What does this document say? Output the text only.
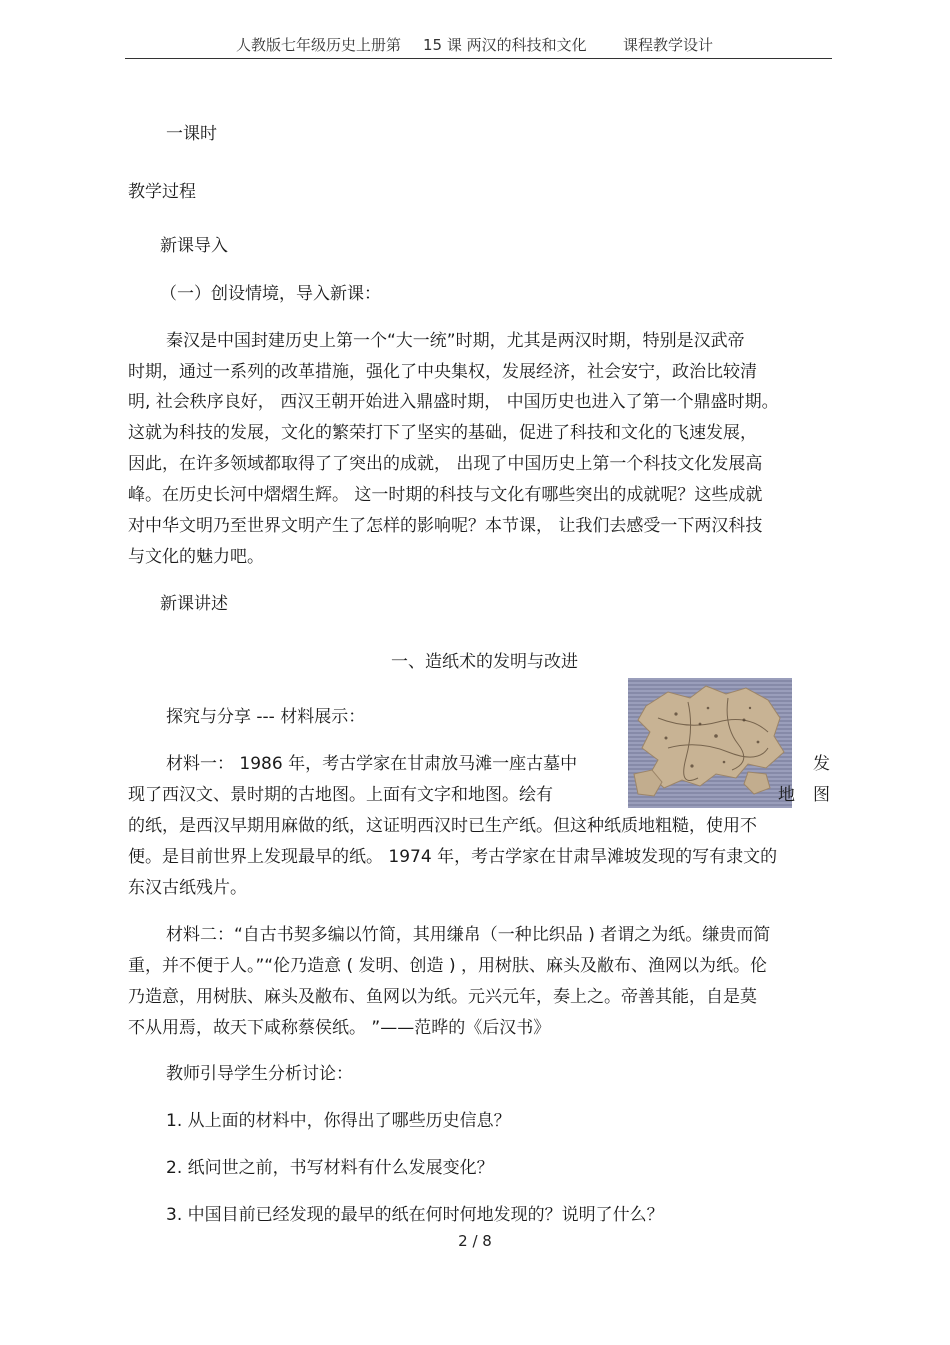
人教版七年级历史上册第 15 课 两汉的科技和文化 课程教学设计
一课时
教学过程
新课导入
（一）创设情境，导入新课：
秦汉是中国封建历史上第一个“大一统”时期，尤其是两汉时期，特别是汉武帝
时期，通过一系列的改革措施，强化了中央集权，发展经济，社会安宁，政治比较清
明, 社会秩序良好， 西汉王朝开始进入鼎盛时期， 中国历史也进入了第一个鼎盛时期。
这就为科技的发展，文化的繁荣打下了坚实的基础，促进了科技和文化的飞速发展，
因此，在许多领域都取得了了突出的成就， 出现了中国历史上第一个科技文化发展高
峰。在历史长河中熠熠生辉。 这一时期的科技与文化有哪些突出的成就呢？这些成就
对中华文明乃至世界文明产生了怎样的影响呢？本节课， 让我们去感受一下两汉科技
与文化的魅力吧。
新课讲述
一、造纸术的发明与改进
探究与分享 --- 材料展示：
材料一： 1986 年，考古学家在甘肃放马滩一座古墓中	发
现了西汉文、景时期的古地图。上面有文字和地图。绘有	地 图
的纸，是西汉早期用麻做的纸，这证明西汉时已生产纸。但这种纸质地粗糙，使用不
便。是目前世界上发现最早的纸。 1974 年，考古学家在甘肃旱滩坡发现的写有隶文的
东汉古纸残片。
材料二：“自古书契多编以竹简，其用缣帛（一种比织品 ) 者谓之为纸。缣贵而简
重，并不便于人。”“伦乃造意 ( 发明、创造 ) ，用树肤、麻头及敝布、渔网以为纸。伦
乃造意，用树肤、麻头及敝布、鱼网以为纸。元兴元年，奏上之。帝善其能，自是莫
不从用焉，故天下咸称蔡侯纸。 ”——范晔的《后汉书》
教师引导学生分析讨论：
1. 从上面的材料中，你得出了哪些历史信息？
2. 纸问世之前，书写材料有什么发展变化？
3. 中国目前已经发现的最早的纸在何时何地发现的？说明了什么？
2 / 8
